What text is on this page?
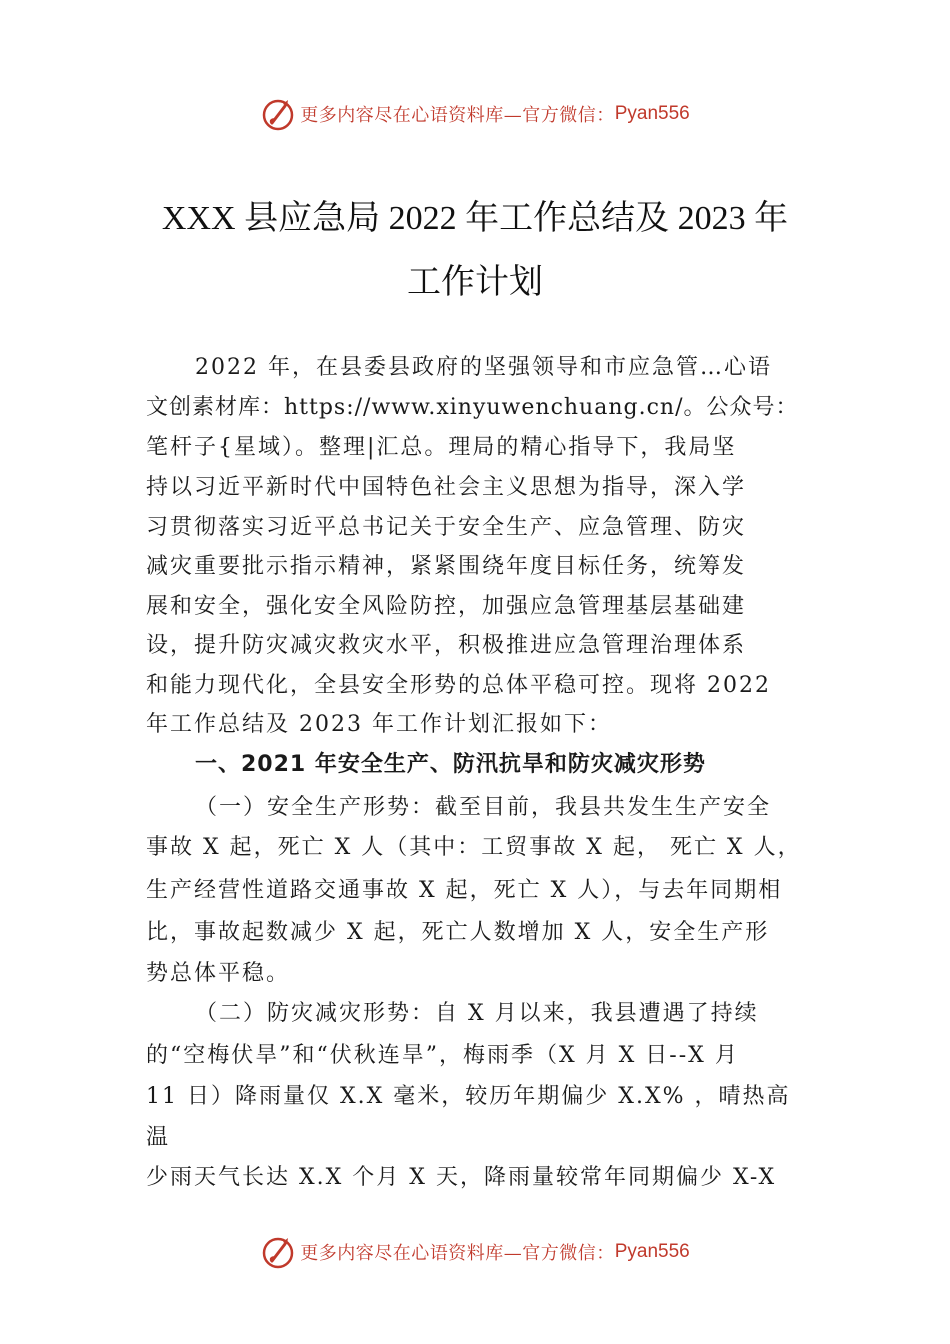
更多内容尽在心语资料库—官方微信： Pyan556
XXX 县应急局 2022 年工作总结及 2023 年
工作计划
2022 年，在县委县政府的坚强领导和市应急管…心语
文创素材库：https://www.xinyuwenchuang.cn/。公众号：
笔杆子{星域）。整理|汇总。理局的精心指导下，我局坚
持以习近平新时代中国特色社会主义思想为指导，深入学
习贯彻落实习近平总书记关于安全生产、应急管理、防灾
减灾重要批示指示精神，紧紧围绕年度目标任务，统筹发
展和安全，强化安全风险防控，加强应急管理基层基础建
设，提升防灾减灾救灾水平，积极推进应急管理治理体系
和能力现代化，全县安全形势的总体平稳可控。现将 2022
年工作总结及 2023 年工作计划汇报如下：
一、2021 年安全生产、防汛抗旱和防灾减灾形势
（一）安全生产形势：截至目前，我县共发生生产安全
事故 X 起，死亡 X 人（其中：工贸事故 X 起， 死亡 X 人，
生产经营性道路交通事故 X 起，死亡 X 人），与去年同期相
比，事故起数减少 X 起，死亡人数增加 X 人，安全生产形
势总体平稳。
（二）防灾减灾形势：自 X 月以来，我县遭遇了持续
的“空梅伏旱”和“伏秋连旱”，梅雨季（X 月 X 日--X 月
11 日）降雨量仅 X.X 毫米，较历年期偏少 X.X% ，晴热高
温
少雨天气长达 X.X 个月 X 天，降雨量较常年同期偏少 X-X
更多内容尽在心语资料库—官方微信： Pyan556
